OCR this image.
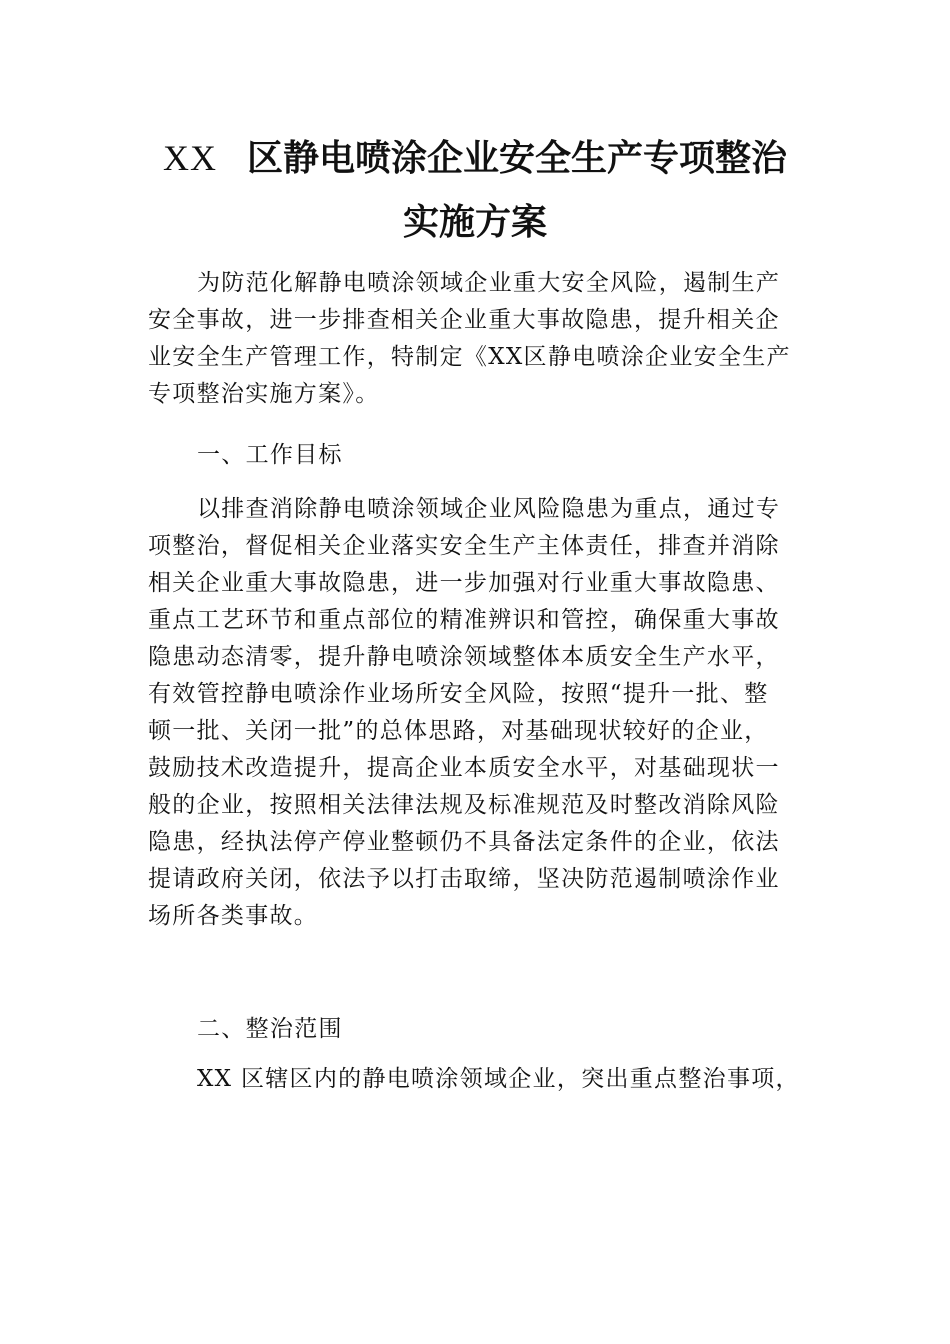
XX 区静电喷涂企业安全生产专项整治
实施方案
为防范化解静电喷涂领域企业重大安全风险，遏制生产
安全事故，进一步排查相关企业重大事故隐患，提升相关企
业安全生产管理工作，特制定《XX区静电喷涂企业安全生产
专项整治实施方案》。
一、工作目标
以排查消除静电喷涂领域企业风险隐患为重点，通过专
项整治，督促相关企业落实安全生产主体责任，排查并消除
相关企业重大事故隐患，进一步加强对行业重大事故隐患、
重点工艺环节和重点部位的精准辨识和管控，确保重大事故
隐患动态清零，提升静电喷涂领域整体本质安全生产水平，
有效管控静电喷涂作业场所安全风险，按照“提升一批、整
顿一批、关闭一批”的总体思路，对基础现状较好的企业，
鼓励技术改造提升，提高企业本质安全水平，对基础现状一
般的企业，按照相关法律法规及标准规范及时整改消除风险
隐患，经执法停产停业整顿仍不具备法定条件的企业，依法
提请政府关闭，依法予以打击取缔，坚决防范遏制喷涂作业
场所各类事故。
二、整治范围
XX 区辖区内的静电喷涂领域企业，突出重点整治事项，
